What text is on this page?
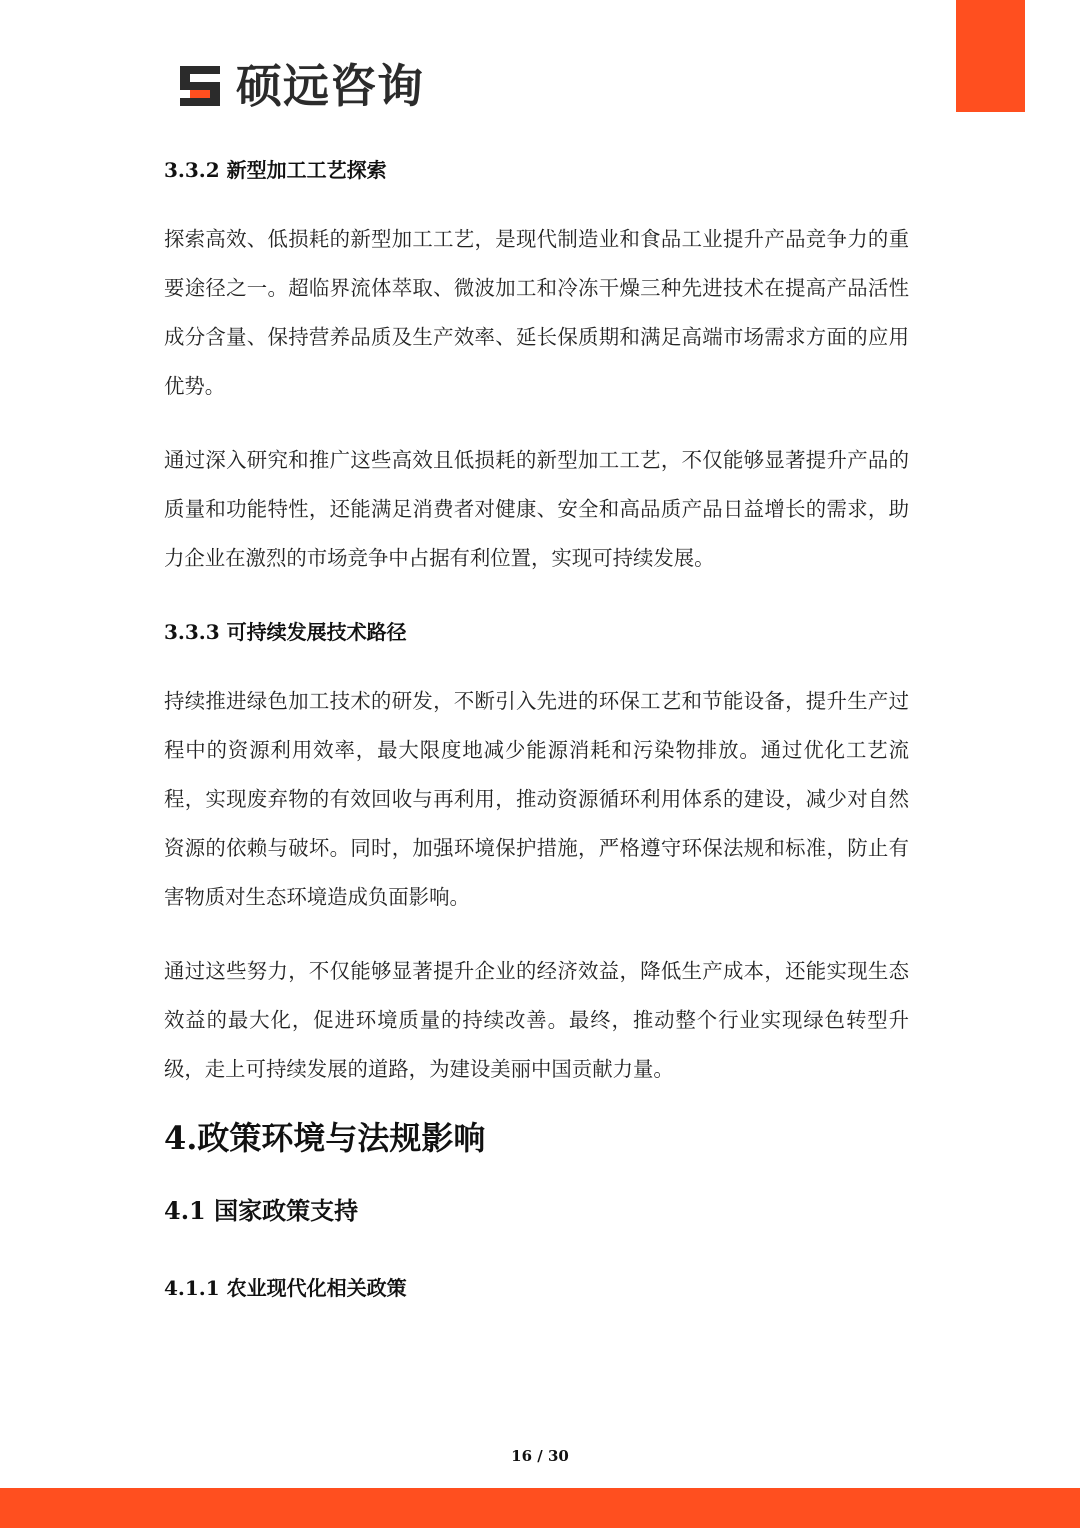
硕远咨询
3.3.2 新型加工工艺探索

探索高效、低损耗的新型加工工艺，是现代制造业和食品工业提升产品竞争力的重要途径之一。超临界流体萃取、微波加工和冷冻干燥三种先进技术在提高产品活性成分含量、保持营养品质及生产效率、延长保质期和满足高端市场需求方面的应用优势。

通过深入研究和推广这些高效且低损耗的新型加工工艺，不仅能够显著提升产品的质量和功能特性，还能满足消费者对健康、安全和高品质产品日益增长的需求，助力企业在激烈的市场竞争中占据有利位置，实现可持续发展。

3.3.3 可持续发展技术路径

持续推进绿色加工技术的研发，不断引入先进的环保工艺和节能设备，提升生产过程中的资源利用效率，最大限度地减少能源消耗和污染物排放。通过优化工艺流程，实现废弃物的有效回收与再利用，推动资源循环利用体系的建设，减少对自然资源的依赖与破坏。同时，加强环境保护措施，严格遵守环保法规和标准，防止有害物质对生态环境造成负面影响。

通过这些努力，不仅能够显著提升企业的经济效益，降低生产成本，还能实现生态效益的最大化，促进环境质量的持续改善。最终，推动整个行业实现绿色转型升级，走上可持续发展的道路，为建设美丽中国贡献力量。

4.政策环境与法规影响
4.1 国家政策支持
4.1.1 农业现代化相关政策
16 / 30
